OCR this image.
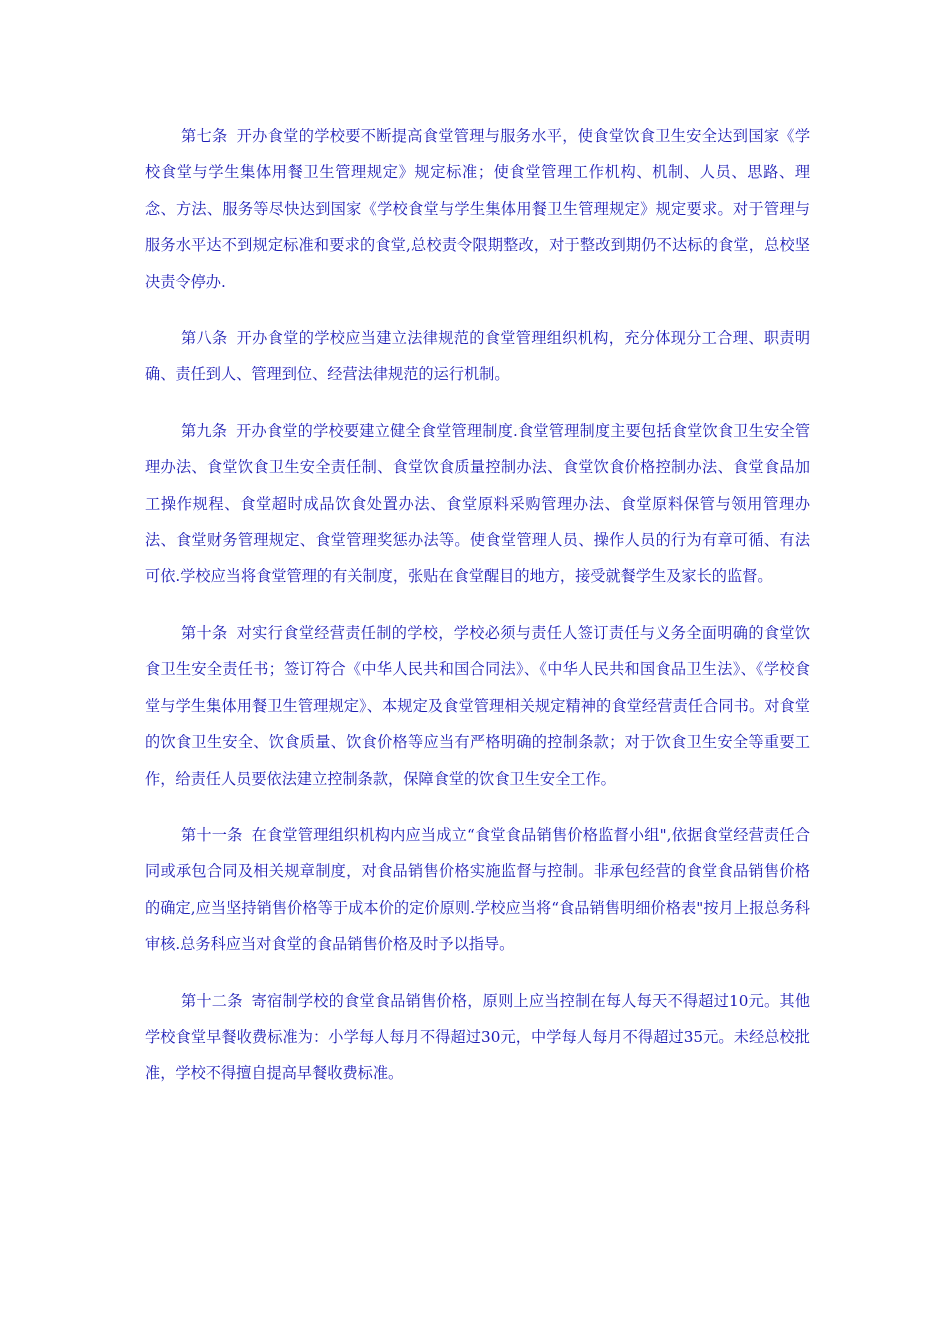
第七条 开办食堂的学校要不断提高食堂管理与服务水平，使食堂饮食卫生安全达到国家《学校食堂与学生集体用餐卫生管理规定》规定标准；使食堂管理工作机构、机制、人员、思路、理念、方法、服务等尽快达到国家《学校食堂与学生集体用餐卫生管理规定》规定要求。对于管理与服务水平达不到规定标准和要求的食堂,总校责令限期整改，对于整改到期仍不达标的食堂，总校坚决责令停办.

第八条 开办食堂的学校应当建立法律规范的食堂管理组织机构，充分体现分工合理、职责明确、责任到人、管理到位、经营法律规范的运行机制。

第九条 开办食堂的学校要建立健全食堂管理制度.食堂管理制度主要包括食堂饮食卫生安全管理办法、食堂饮食卫生安全责任制、食堂饮食质量控制办法、食堂饮食价格控制办法、食堂食品加工操作规程、食堂超时成品饮食处置办法、食堂原料采购管理办法、食堂原料保管与领用管理办法、食堂财务管理规定、食堂管理奖惩办法等。使食堂管理人员、操作人员的行为有章可循、有法可依.学校应当将食堂管理的有关制度，张贴在食堂醒目的地方，接受就餐学生及家长的监督。

第十条 对实行食堂经营责任制的学校，学校必须与责任人签订责任与义务全面明确的食堂饮食卫生安全责任书；签订符合《中华人民共和国合同法》、《中华人民共和国食品卫生法》、《学校食堂与学生集体用餐卫生管理规定》、本规定及食堂管理相关规定精神的食堂经营责任合同书。对食堂的饮食卫生安全、饮食质量、饮食价格等应当有严格明确的控制条款；对于饮食卫生安全等重要工作，给责任人员要依法建立控制条款，保障食堂的饮食卫生安全工作。

第十一条 在食堂管理组织机构内应当成立“食堂食品销售价格监督小组",依据食堂经营责任合同或承包合同及相关规章制度，对食品销售价格实施监督与控制。非承包经营的食堂食品销售价格的确定,应当坚持销售价格等于成本价的定价原则.学校应当将“食品销售明细价格表"按月上报总务科审核.总务科应当对食堂的食品销售价格及时予以指导。

第十二条 寄宿制学校的食堂食品销售价格，原则上应当控制在每人每天不得超过10元。其他学校食堂早餐收费标准为：小学每人每月不得超过30元，中学每人每月不得超过35元。未经总校批准，学校不得擅自提高早餐收费标准。
